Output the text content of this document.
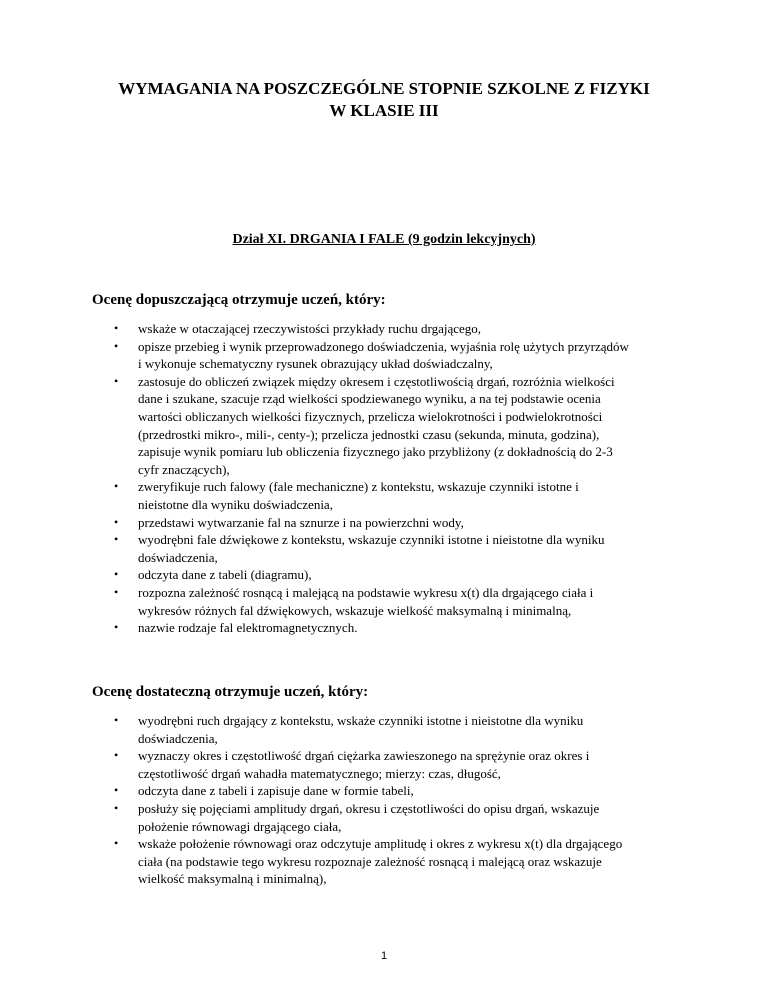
WYMAGANIA NA POSZCZEGÓLNE STOPNIE SZKOLNE Z FIZYKI
W KLASIE III
Dział XI. DRGANIA I FALE (9 godzin lekcyjnych)
Ocenę dopuszczającą otrzymuje uczeń, który:
• wskaże w otaczającej rzeczywistości przykłady ruchu drgającego,
• opisze przebieg i wynik przeprowadzonego doświadczenia, wyjaśnia rolę użytych przyrządów
i wykonuje schematyczny rysunek obrazujący układ doświadczalny,
• zastosuje do obliczeń związek między okresem i częstotliwością drgań, rozróżnia wielkości
dane i szukane, szacuje rząd wielkości spodziewanego wyniku, a na tej podstawie ocenia
wartości obliczanych wielkości fizycznych, przelicza wielokrotności i podwielokrotności
(przedrostki mikro-, mili-, centy-); przelicza jednostki czasu (sekunda, minuta, godzina),
zapisuje wynik pomiaru lub obliczenia fizycznego jako przybliżony (z dokładnością do 2-3
cyfr znaczących),
• zweryfikuje ruch falowy (fale mechaniczne) z kontekstu, wskazuje czynniki istotne i
nieistotne dla wyniku doświadczenia,
• przedstawi wytwarzanie fal na sznurze i na powierzchni wody,
• wyodrębni fale dźwiękowe z kontekstu, wskazuje czynniki istotne i nieistotne dla wyniku
doświadczenia,
• odczyta dane z tabeli (diagramu),
• rozpozna zależność rosnącą i malejącą na podstawie wykresu x(t) dla drgającego ciała i
wykresów różnych fal dźwiękowych, wskazuje wielkość maksymalną i minimalną,
• nazwie rodzaje fal elektromagnetycznych.
Ocenę dostateczną otrzymuje uczeń, który:
• wyodrębni ruch drgający z kontekstu, wskaże czynniki istotne i nieistotne dla wyniku
doświadczenia,
• wyznaczy okres i częstotliwość drgań ciężarka zawieszonego na sprężynie oraz okres i
częstotliwość drgań wahadła matematycznego; mierzy: czas, długość,
• odczyta dane z tabeli i zapisuje dane w formie tabeli,
• posłuży się pojęciami amplitudy drgań, okresu i częstotliwości do opisu drgań, wskazuje
położenie równowagi drgającego ciała,
• wskaże położenie równowagi oraz odczytuje amplitudę i okres z wykresu x(t) dla drgającego
ciała (na podstawie tego wykresu rozpoznaje zależność rosnącą i malejącą oraz wskazuje
wielkość maksymalną i minimalną),
1
